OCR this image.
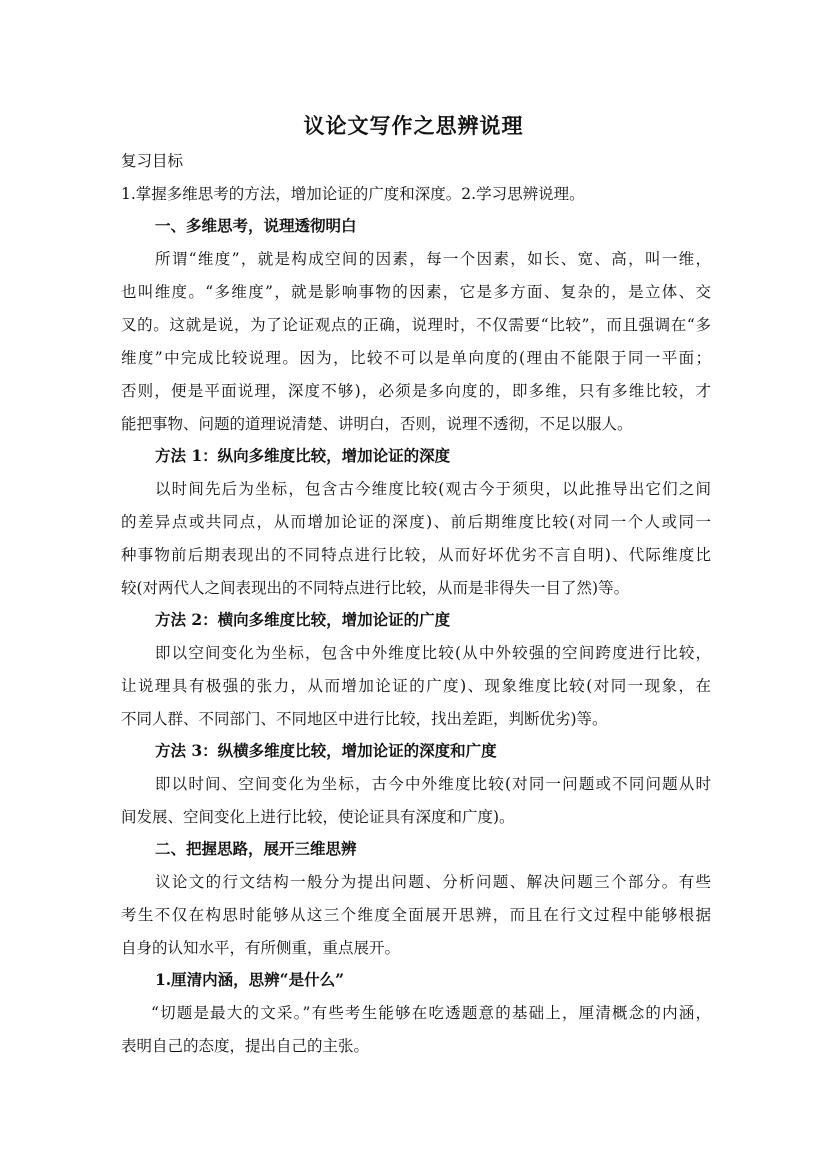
议论文写作之思辨说理
复习目标
1.掌握多维思考的方法，增加论证的广度和深度。2.学习思辨说理。
一、多维思考，说理透彻明白
所谓“维度”，就是构成空间的因素，每一个因素，如长、宽、高，叫一维，
也叫维度。“多维度”，就是影响事物的因素，它是多方面、复杂的，是立体、交
叉的。这就是说，为了论证观点的正确，说理时，不仅需要“比较”，而且强调在“多
维度”中完成比较说理。因为，比较不可以是单向度的(理由不能限于同一平面；
否则，便是平面说理，深度不够)，必须是多向度的，即多维，只有多维比较，才
能把事物、问题的道理说清楚、讲明白，否则，说理不透彻，不足以服人。
方法 1：纵向多维度比较，增加论证的深度
以时间先后为坐标，包含古今维度比较(观古今于须臾，以此推导出它们之间
的差异点或共同点，从而增加论证的深度)、前后期维度比较(对同一个人或同一
种事物前后期表现出的不同特点进行比较，从而好坏优劣不言自明)、代际维度比
较(对两代人之间表现出的不同特点进行比较，从而是非得失一目了然)等。
方法 2：横向多维度比较，增加论证的广度
即以空间变化为坐标，包含中外维度比较(从中外较强的空间跨度进行比较，
让说理具有极强的张力，从而增加论证的广度)、现象维度比较(对同一现象，在
不同人群、不同部门、不同地区中进行比较，找出差距，判断优劣)等。
方法 3：纵横多维度比较，增加论证的深度和广度
即以时间、空间变化为坐标，古今中外维度比较(对同一问题或不同问题从时
间发展、空间变化上进行比较，使论证具有深度和广度)。
二、把握思路，展开三维思辨
议论文的行文结构一般分为提出问题、分析问题、解决问题三个部分。有些
考生不仅在构思时能够从这三个维度全面展开思辨，而且在行文过程中能够根据
自身的认知水平，有所侧重，重点展开。
1.厘清内涵，思辨“是什么”
“切题是最大的文采。”有些考生能够在吃透题意的基础上，厘清概念的内涵，
表明自己的态度，提出自己的主张。
